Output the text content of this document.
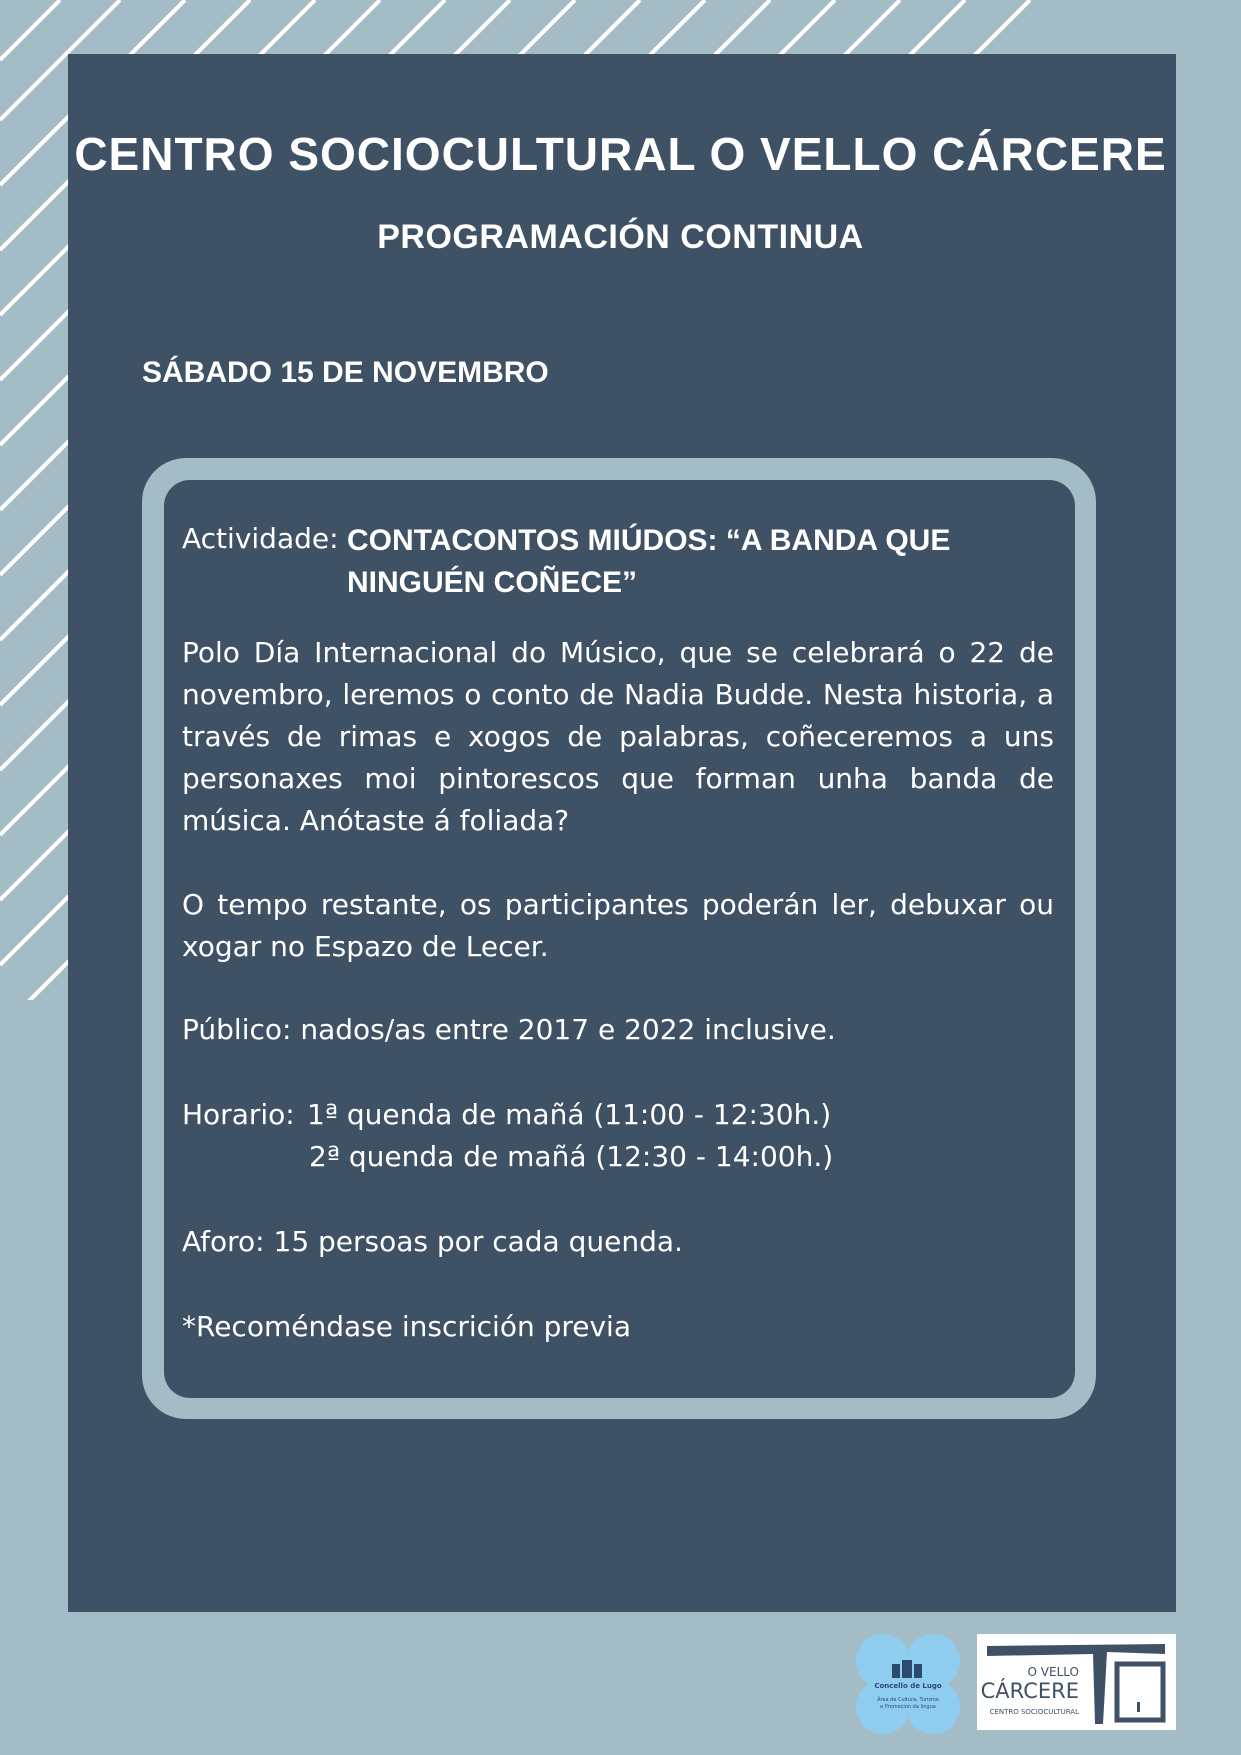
CENTRO SOCIOCULTURAL O VELLO CÁRCERE
PROGRAMACIÓN CONTINUA
SÁBADO 15 DE NOVEMBRO
Actividade: CONTACONTOS MIÚDOS: “A BANDA QUE
NINGUÉN COÑECE”
Polo Día Internacional do Músico, que se celebrará o 22 de novembro, leremos o conto de Nadia Budde. Nesta historia, a través de rimas e xogos de palabras, coñeceremos a uns personaxes moi pintorescos que forman unha banda de música. Anótaste á foliada?
O tempo restante, os participantes poderán ler, debuxar ou xogar no Espazo de Lecer.
Público: nados/as entre 2017 e 2022 inclusive.
Horario: 1ª quenda de mañá (11:00 - 12:30h.)
2ª quenda de mañá (12:30 - 14:00h.)
Aforo: 15 persoas por cada quenda.
*Recoméndase inscrición previa
Concello de Lugo
Área de Cultura, Turismo
e Promoción da lingua
O VELLO
CÁRCERE
CENTRO SOCIOCULTURAL
